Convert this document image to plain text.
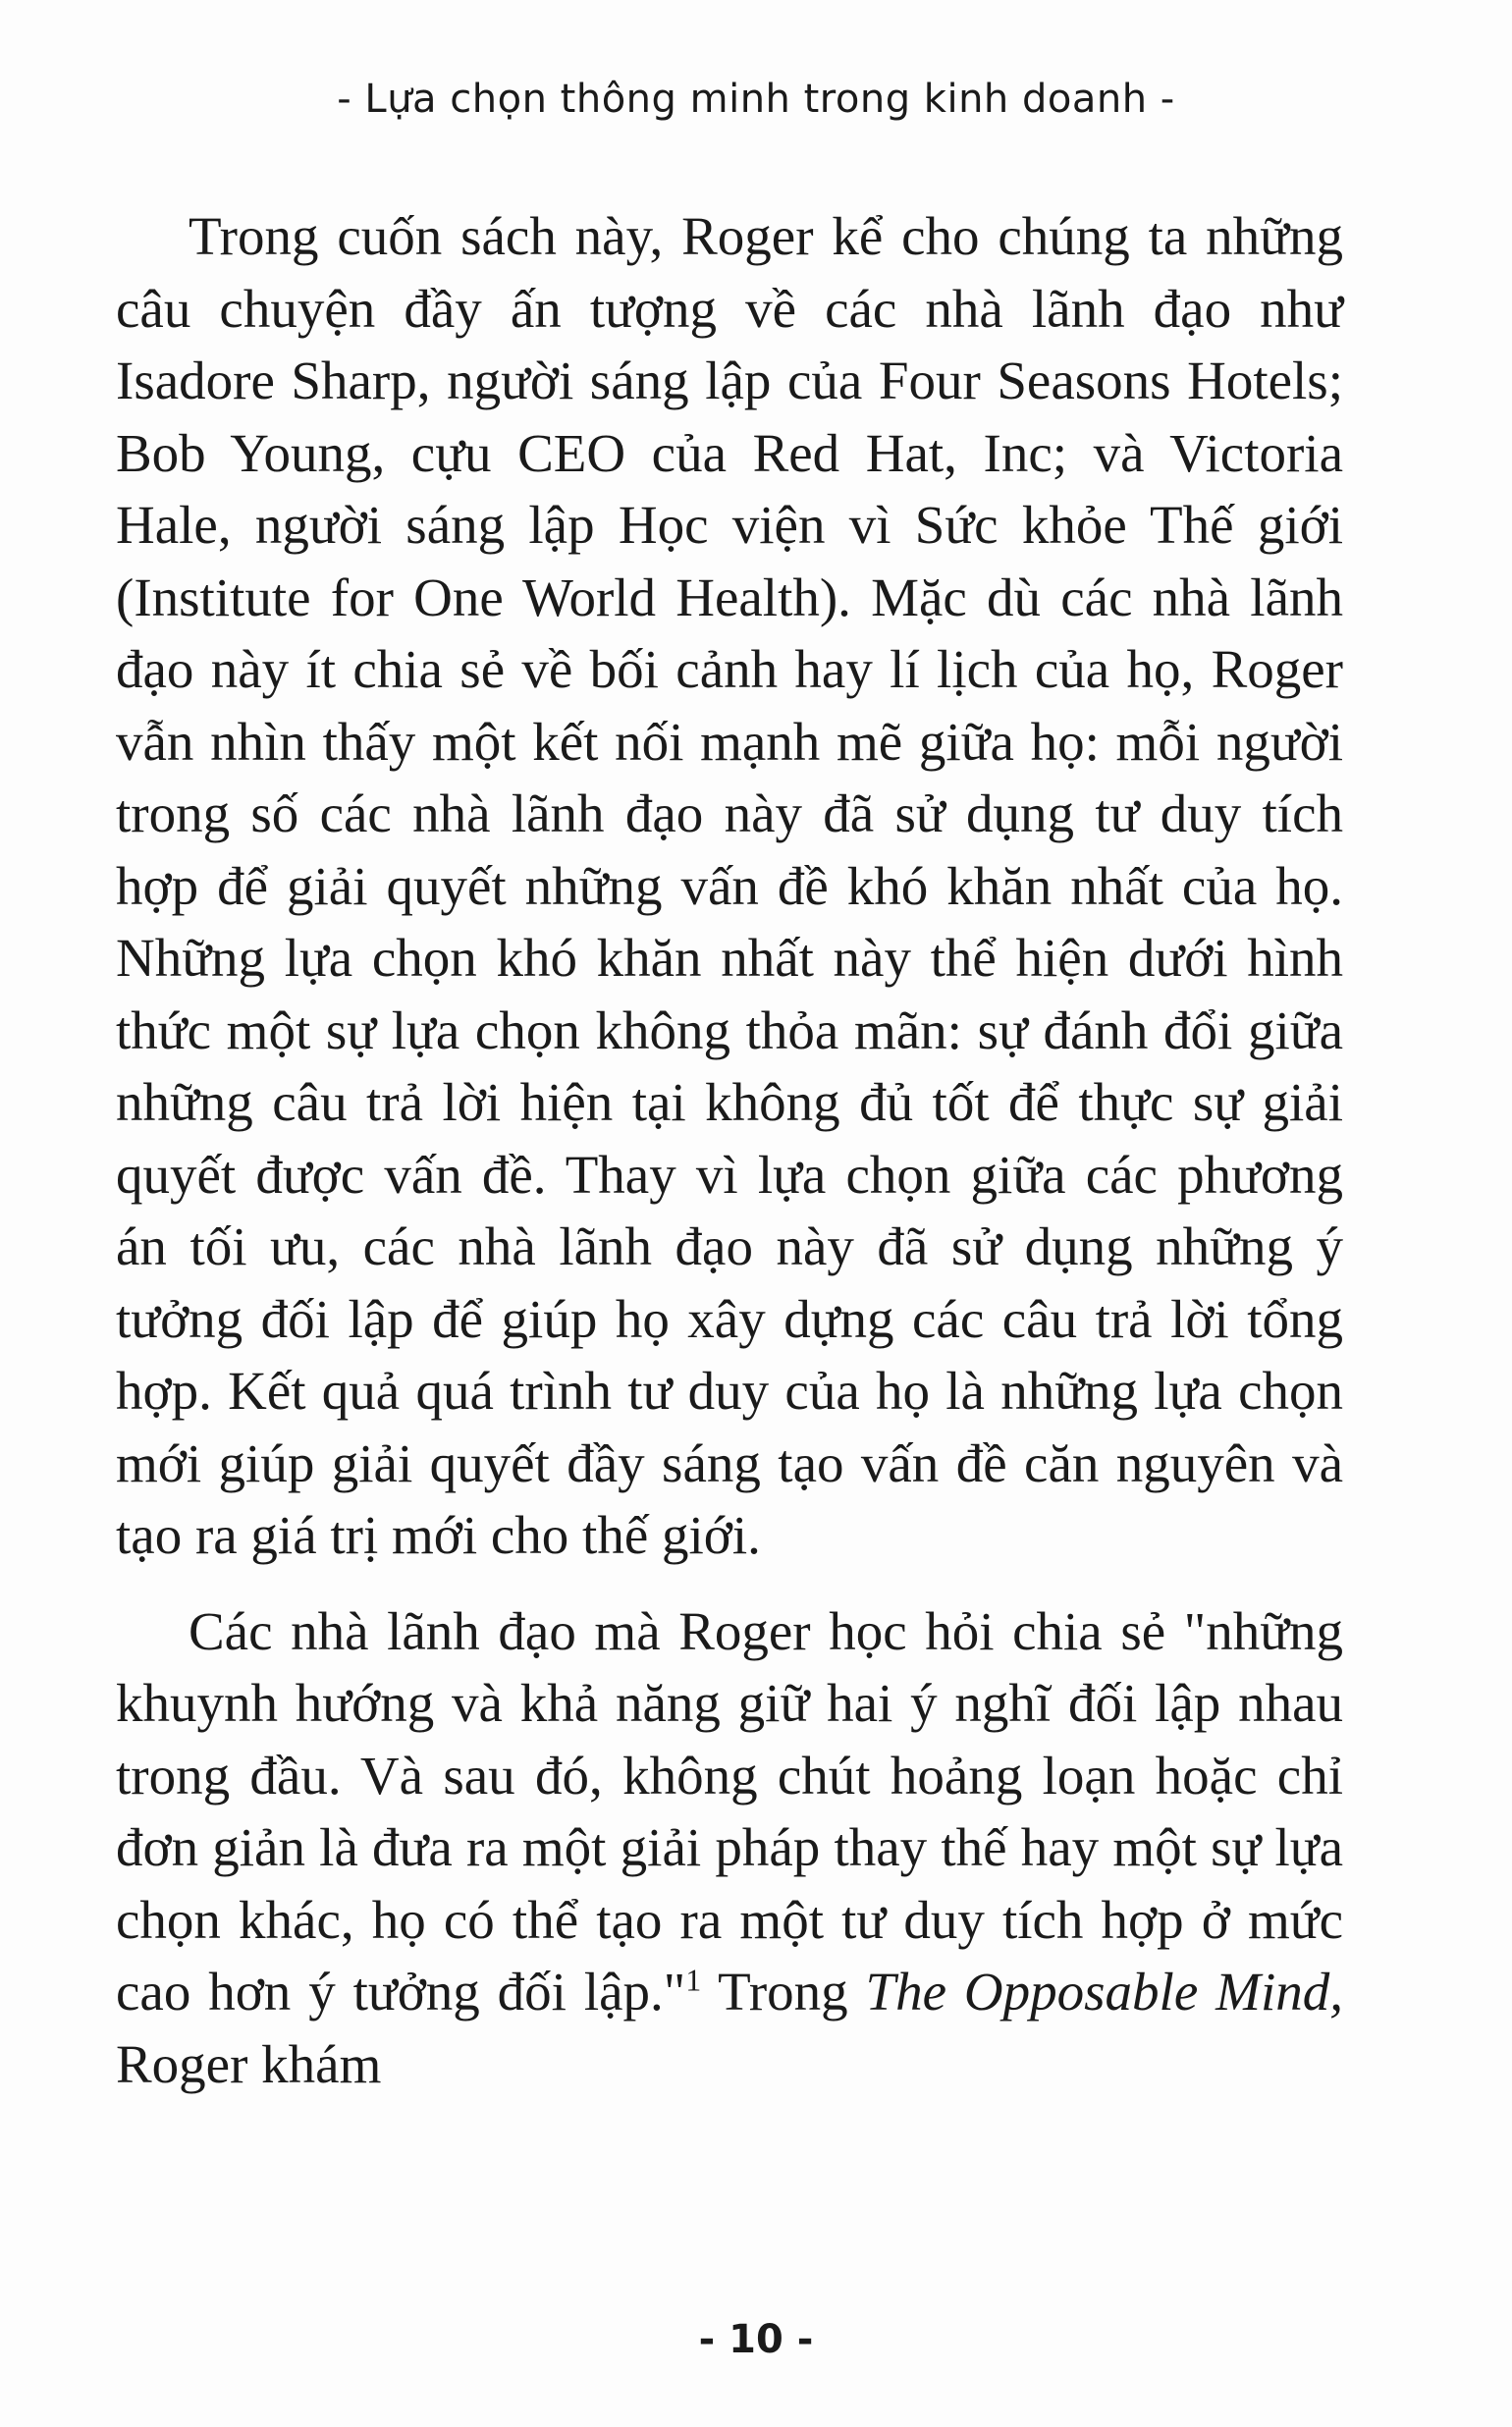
- Lựa chọn thông minh trong kinh doanh -

Trong cuốn sách này, Roger kể cho chúng ta những câu chuyện đầy ấn tượng về các nhà lãnh đạo như Isadore Sharp, người sáng lập của Four Seasons Hotels; Bob Young, cựu CEO của Red Hat, Inc; và Victoria Hale, người sáng lập Học viện vì Sức khỏe Thế giới (Institute for One World Health). Mặc dù các nhà lãnh đạo này ít chia sẻ về bối cảnh hay lí lịch của họ, Roger vẫn nhìn thấy một kết nối mạnh mẽ giữa họ: mỗi người trong số các nhà lãnh đạo này đã sử dụng tư duy tích hợp để giải quyết những vấn đề khó khăn nhất của họ. Những lựa chọn khó khăn nhất này thể hiện dưới hình thức một sự lựa chọn không thỏa mãn: sự đánh đổi giữa những câu trả lời hiện tại không đủ tốt để thực sự giải quyết được vấn đề. Thay vì lựa chọn giữa các phương án tối ưu, các nhà lãnh đạo này đã sử dụng những ý tưởng đối lập để giúp họ xây dựng các câu trả lời tổng hợp. Kết quả quá trình tư duy của họ là những lựa chọn mới giúp giải quyết đầy sáng tạo vấn đề căn nguyên và tạo ra giá trị mới cho thế giới.

Các nhà lãnh đạo mà Roger học hỏi chia sẻ "những khuynh hướng và khả năng giữ hai ý nghĩ đối lập nhau trong đầu. Và sau đó, không chút hoảng loạn hoặc chỉ đơn giản là đưa ra một giải pháp thay thế hay một sự lựa chọn khác, họ có thể tạo ra một tư duy tích hợp ở mức cao hơn ý tưởng đối lập."$^1$ Trong The Opposable Mind, Roger khám

- 10 -
